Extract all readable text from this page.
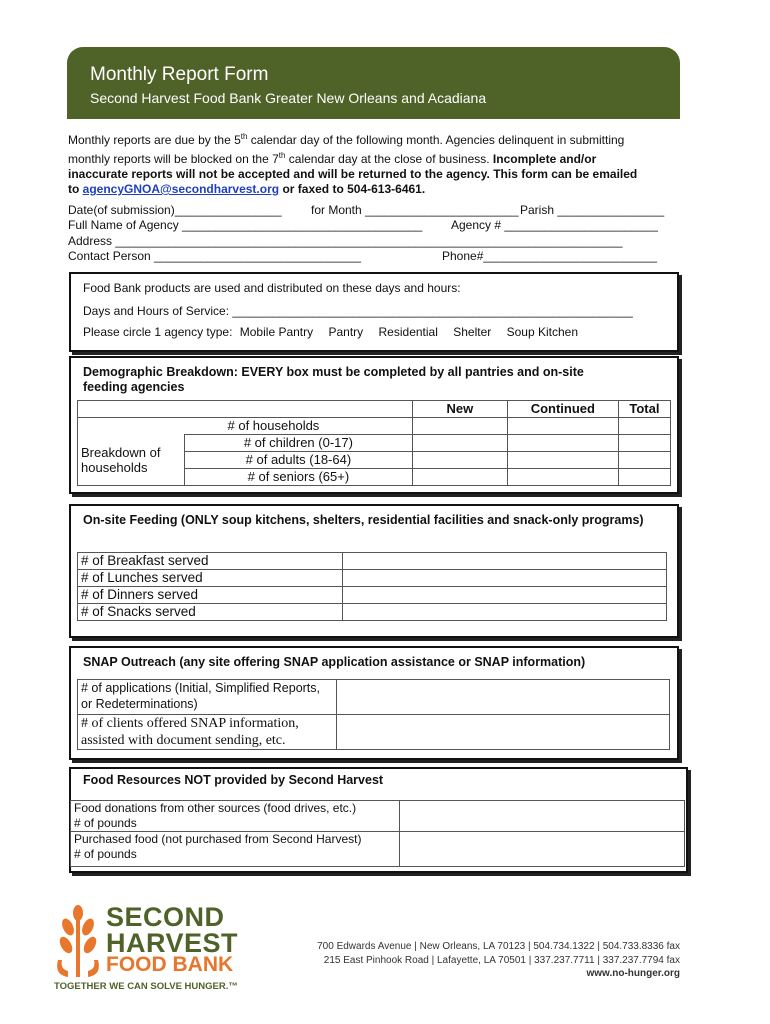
Monthly Report Form
Second Harvest Food Bank Greater New Orleans and Acadiana
Monthly reports are due by the 5th calendar day of the following month. Agencies delinquent in submitting
monthly reports will be blocked on the 7th calendar day at the close of business. Incomplete and/or
inaccurate reports will not be accepted and will be returned to the agency. This form can be emailed
to agencyGNOA@secondharvest.org or faxed to 504-613-6461.
Date(of submission)________________ for Month _______________________ Parish ________________
Full Name of Agency ____________________________________ Agency # _______________________
Address ____________________________________________________________________________
Contact Person _______________________________	Phone#__________________________
Food Bank products are used and distributed on these days and hours:
Days and Hours of Service: ____________________________________________________________
Please circle 1 agency type: Mobile Pantry Pantry Residential Shelter Soup Kitchen
Demographic Breakdown: EVERY box must be completed by all pantries and on-site
feeding agencies
		New	Continued	Total
# of households				
Breakdown of households	# of children (0-17)			
	# of adults (18-64)			
	# of seniors (65+)			
On-site Feeding (ONLY soup kitchens, shelters, residential facilities and snack-only programs)
# of Breakfast served	
# of Lunches served	
# of Dinners served	
# of Snacks served	
SNAP Outreach (any site offering SNAP application assistance or SNAP information)
# of applications (Initial, Simplified Reports, or Redeterminations)	
# of clients offered SNAP information, assisted with document sending, etc.	
Food Resources NOT provided by Second Harvest
Food donations from other sources (food drives, etc.)
# of pounds	
Purchased food (not purchased from Second Harvest)
# of pounds	
SECOND
HARVEST
FOOD BANK
TOGETHER WE CAN SOLVE HUNGER.™
700 Edwards Avenue | New Orleans, LA 70123 | 504.734.1322 | 504.733.8336 fax
215 East Pinhook Road | Lafayette, LA 70501 | 337.237.7711 | 337.237.7794 fax
www.no-hunger.org
